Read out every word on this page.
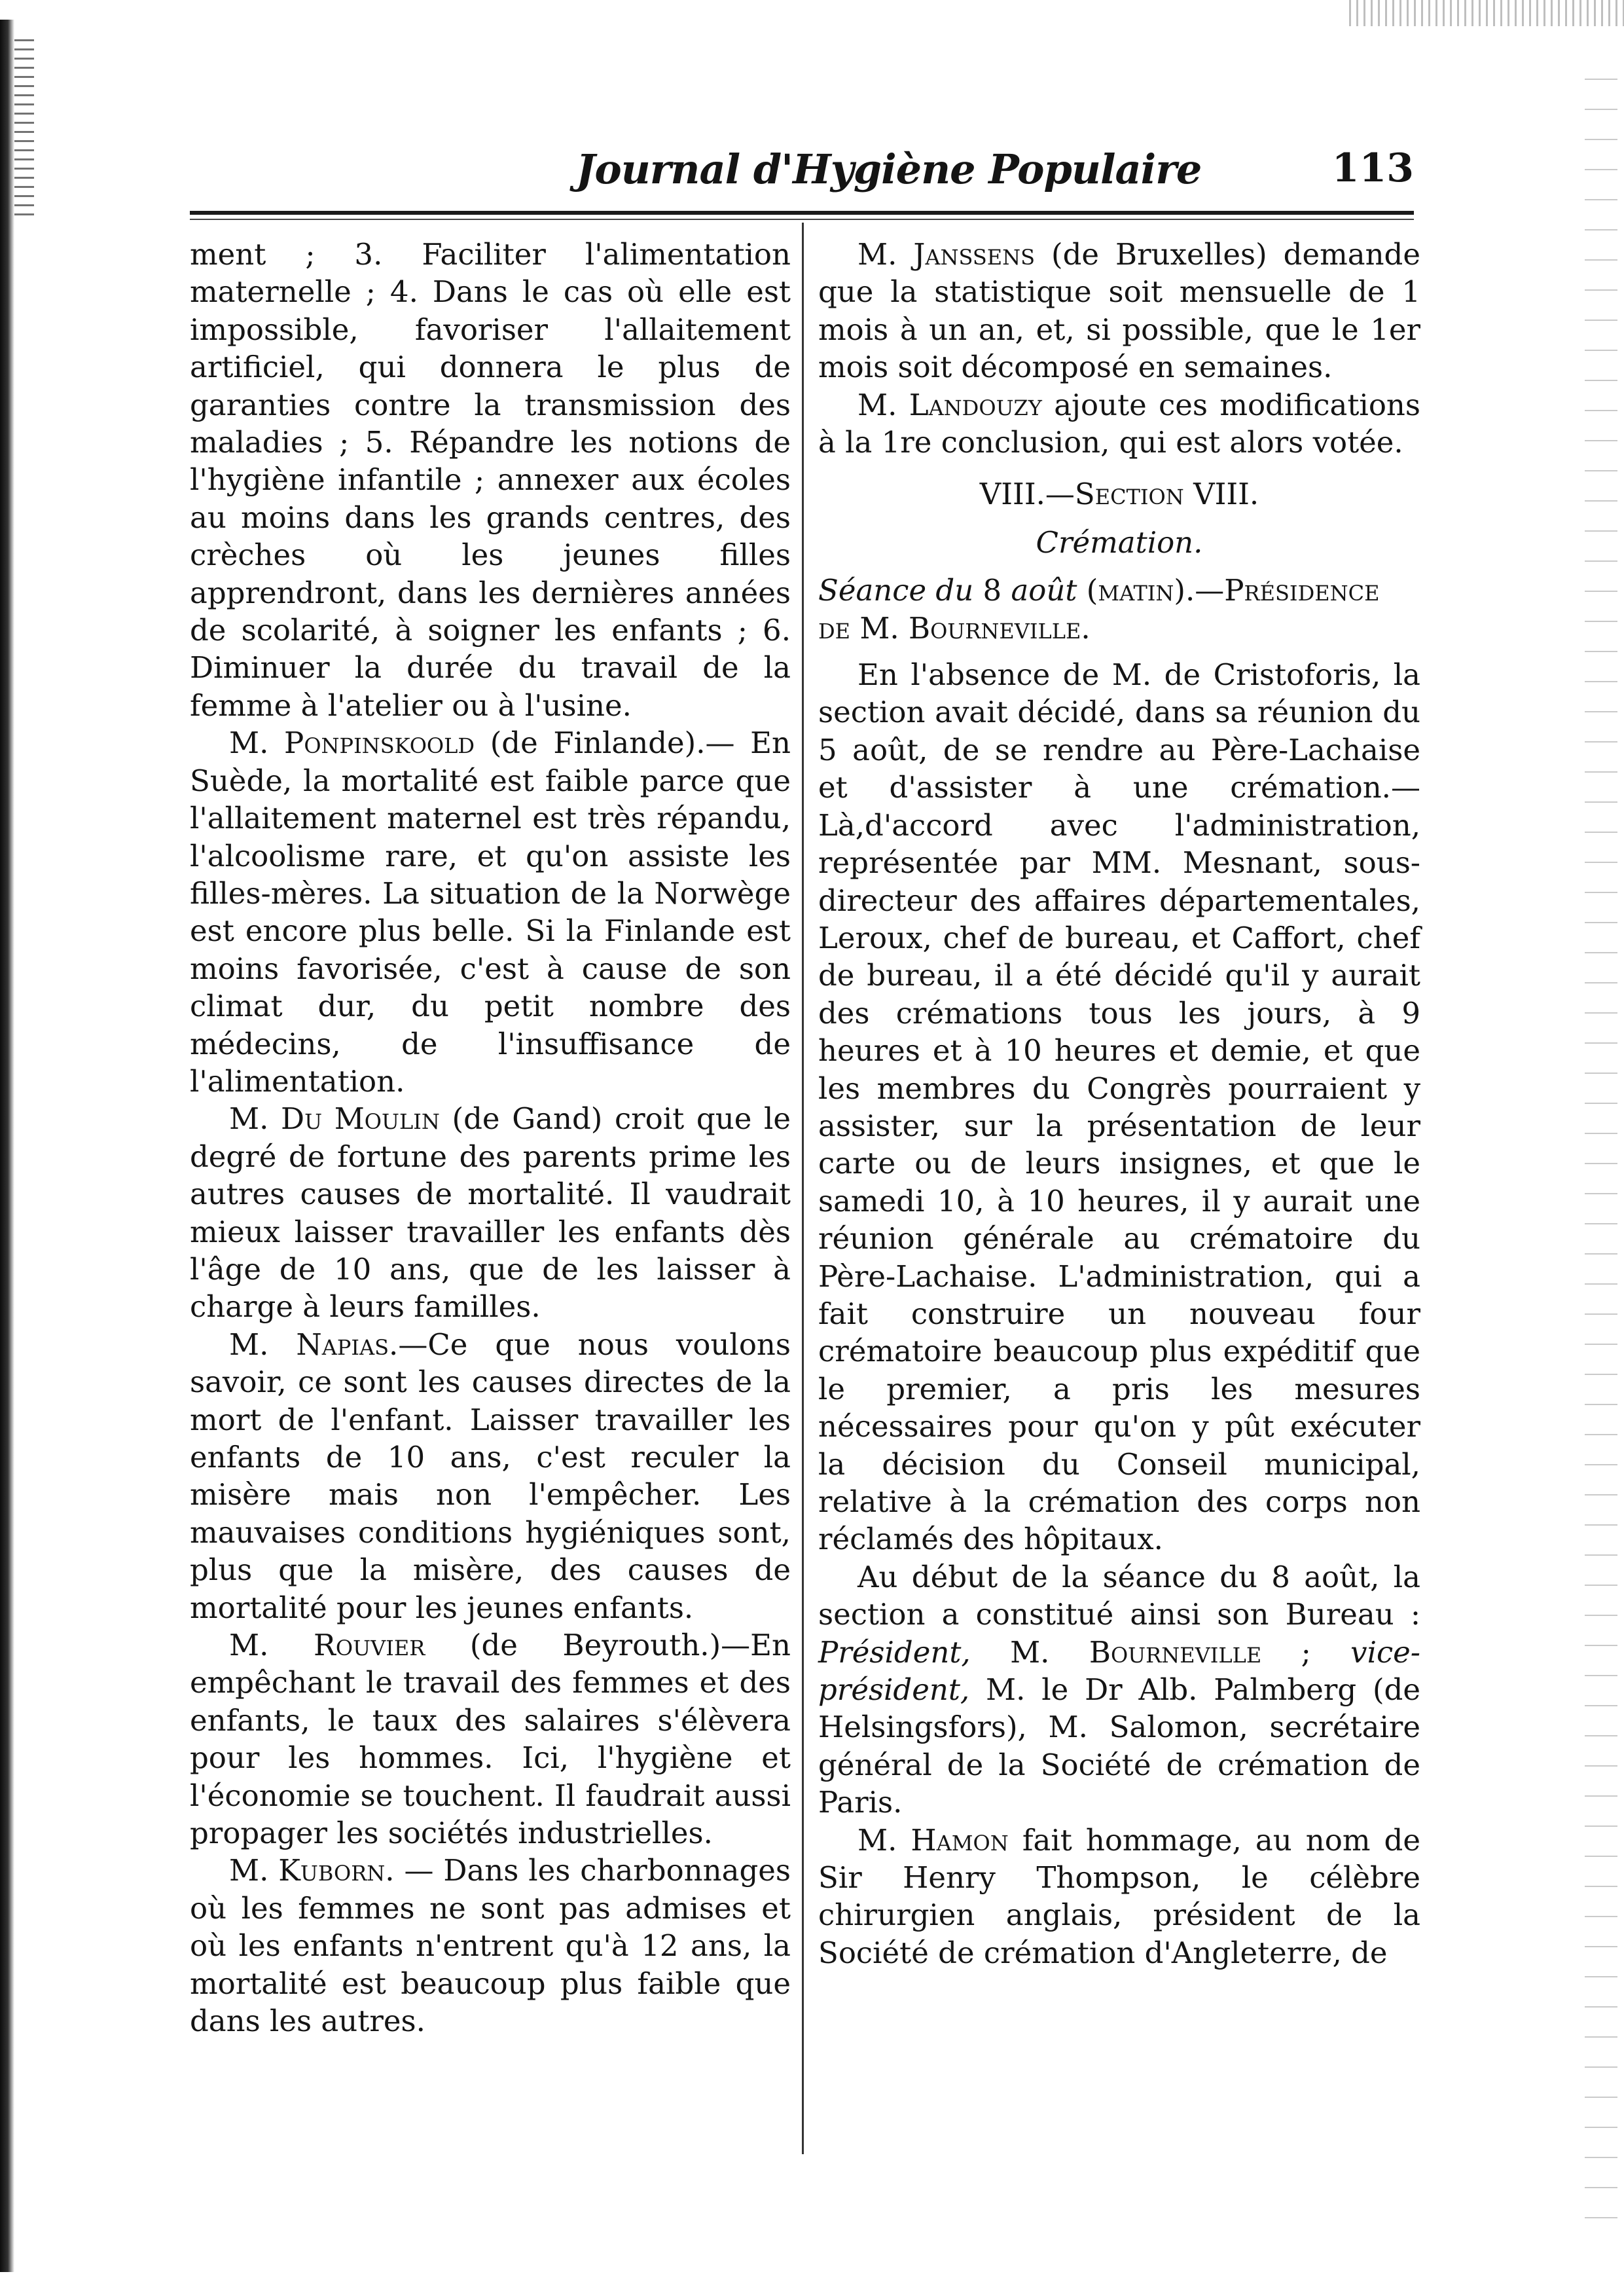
Journal d'Hygiène Populaire	113

ment ; 3. Faciliter l'alimentation maternelle ; 4. Dans le cas où elle est impossible, favoriser l'allaitement artificiel, qui donnera le plus de garanties contre la transmission des maladies ; 5. Répandre les notions de l'hygiène infantile ; annexer aux écoles au moins dans les grands centres, des crèches où les jeunes filles apprendront, dans les dernières années de scolarité, à soigner les enfants ; 6. Diminuer la durée du travail de la femme à l'atelier ou à l'usine.

M. Ponpinskoold (de Finlande).— En Suède, la mortalité est faible parce que l'allaitement maternel est très répandu, l'alcoolisme rare, et qu'on assiste les filles-mères. La situation de la Norwège est encore plus belle. Si la Finlande est moins favorisée, c'est à cause de son climat dur, du petit nombre des médecins, de l'insuffisance de l'alimentation.

M. Du Moulin (de Gand) croit que le degré de fortune des parents prime les autres causes de mortalité. Il vaudrait mieux laisser travailler les enfants dès l'âge de 10 ans, que de les laisser à charge à leurs familles.

M. Napias.—Ce que nous voulons savoir, ce sont les causes directes de la mort de l'enfant. Laisser travailler les enfants de 10 ans, c'est reculer la misère mais non l'empêcher. Les mauvaises conditions hygiéniques sont, plus que la misère, des causes de mortalité pour les jeunes enfants.

M. Rouvier (de Beyrouth.)—En empêchant le travail des femmes et des enfants, le taux des salaires s'élèvera pour les hommes. Ici, l'hygiène et l'économie se touchent. Il faudrait aussi propager les sociétés industrielles.

M. Kuborn. — Dans les charbonnages où les femmes ne sont pas admises et où les enfants n'entrent qu'à 12 ans, la mortalité est beaucoup plus faible que dans les autres.

M. Janssens (de Bruxelles) demande que la statistique soit mensuelle de 1 mois à un an, et, si possible, que le 1er mois soit décomposé en semaines.

M. Landouzy ajoute ces modifications à la 1re conclusion, qui est alors votée.

VIII.—Section VIII.

Crémation.

Séance du 8 août (matin).—Présidence de M. Bourneville.

En l'absence de M. de Cristoforis, la section avait décidé, dans sa réunion du 5 août, de se rendre au Père-Lachaise et d'assister à une crémation.— Là,d'accord avec l'administration, représentée par MM. Mesnant, sous-directeur des affaires départementales, Leroux, chef de bureau, et Caffort, chef de bureau, il a été décidé qu'il y aurait des crémations tous les jours, à 9 heures et à 10 heures et demie, et que les membres du Congrès pourraient y assister, sur la présentation de leur carte ou de leurs insignes, et que le samedi 10, à 10 heures, il y aurait une réunion générale au crématoire du Père-Lachaise. L'administration, qui a fait construire un nouveau four crématoire beaucoup plus expéditif que le premier, a pris les mesures nécessaires pour qu'on y pût exécuter la décision du Conseil municipal, relative à la crémation des corps non réclamés des hôpitaux.

Au début de la séance du 8 août, la section a constitué ainsi son Bureau : Président, M. Bourneville ; vice-président, M. le Dr Alb. Palmberg (de Helsingsfors), M. Salomon, secrétaire général de la Société de crémation de Paris.

M. Hamon fait hommage, au nom de Sir Henry Thompson, le célèbre chirurgien anglais, président de la Société de crémation d'Angleterre, de
